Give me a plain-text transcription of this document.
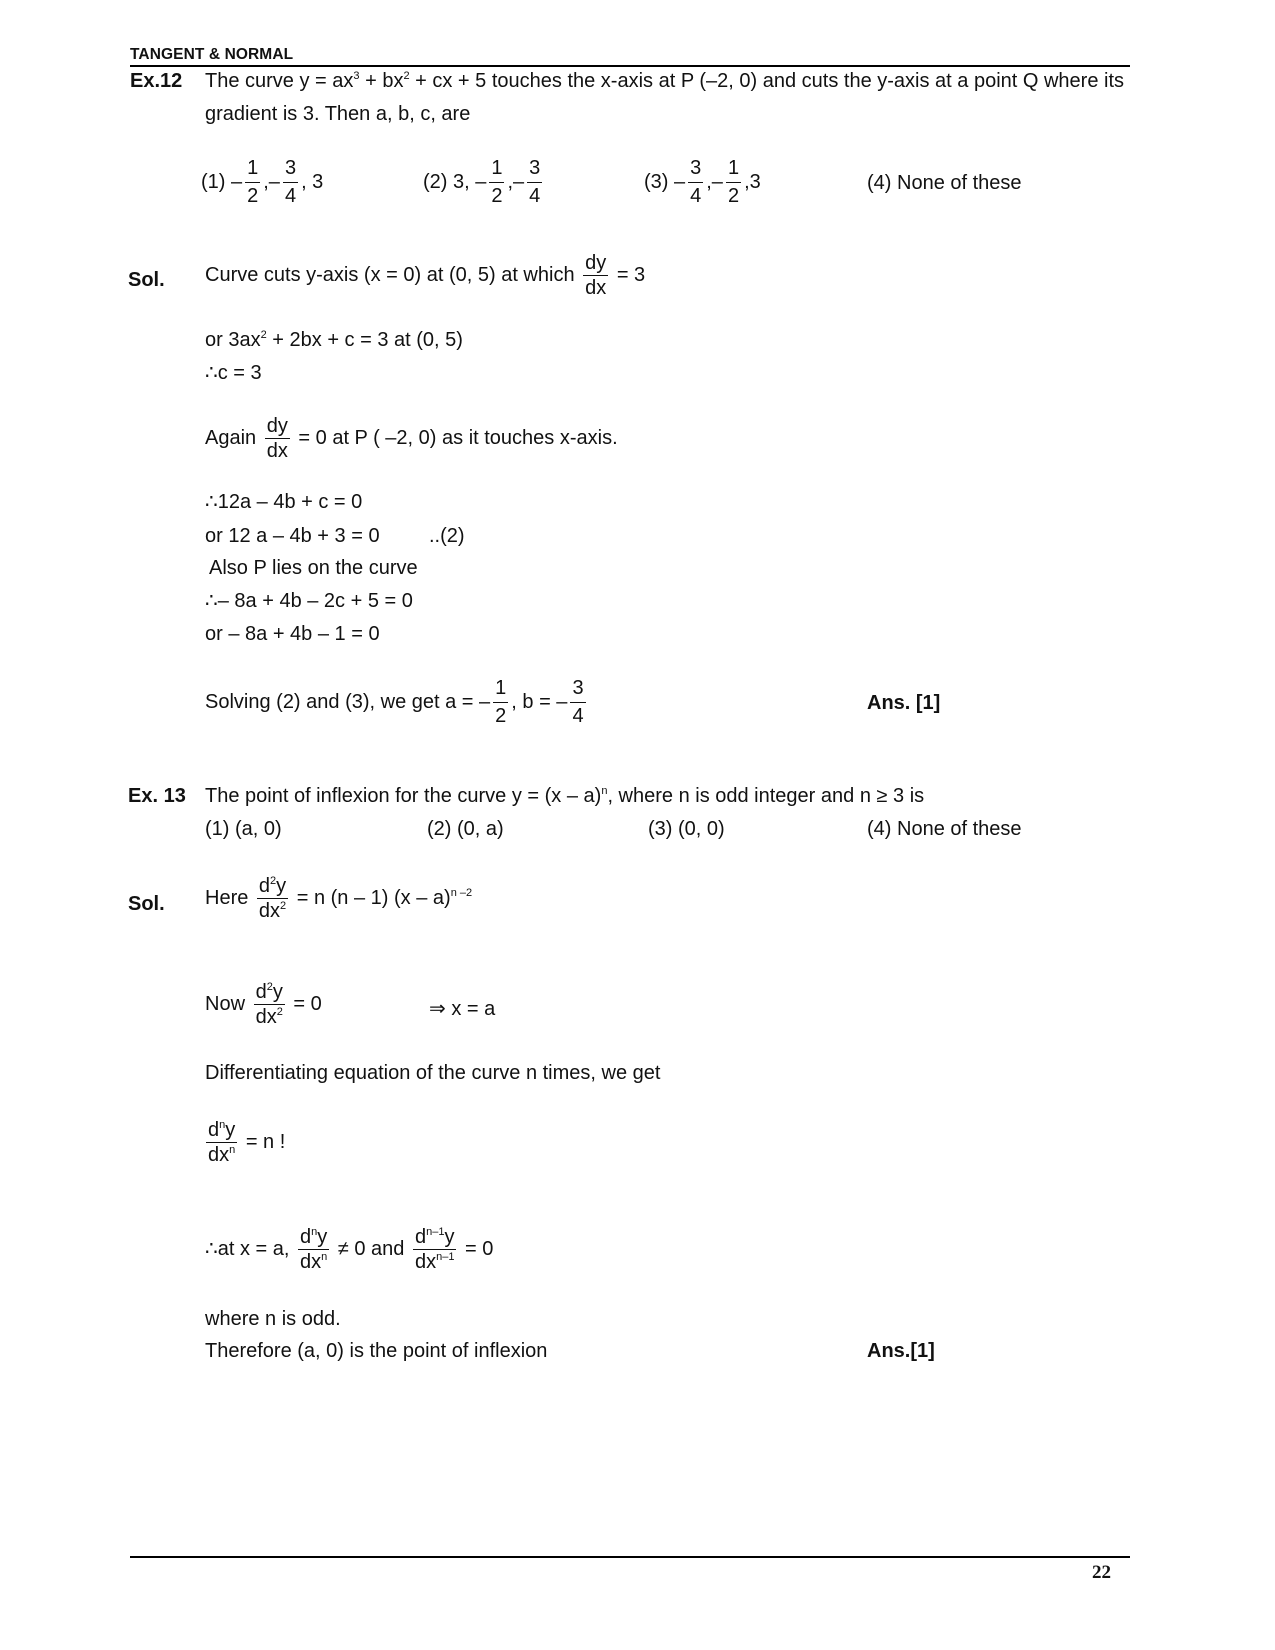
TANGENT & NORMAL
Ex.12 The curve $y = ax^3 + bx^2$ + cx + 5 touches the x-axis at P (–2, 0) and cuts the y-axis at a point Q where its
gradient is 3. Then a, b, c, are
$(1) - \frac{1}{2}$ ,– $\frac{3}{4}$ , 3	(2) 3, – $\frac{1}{2}$ ,– $\frac{3}{4}$	$(3) - \frac{3}{4}$ ,– $\frac{1}{2} ,3$	(4) None of these
Sol. Curve cuts y-axis (x = 0) at (0, 5) at which $\frac{dy}{dx} = 3$
or $3ax^2 + 2bx + c = 3$ at (0, 5)
∴c = 3
Again $\frac{dy}{dx} = 0$ at P ( –2, 0) as it touches x-axis.
∴12a – 4b + c = 0
or 12 a – 4b + 3 = 0 ..(2)
Also P lies on the curve
∴– 8a + 4b – 2c + 5 = 0
or – 8a + 4b – 1 = 0
Solving (2) and (3), we get a = – $\frac{1}{2}$ , b = – $\frac{3}{4}$	Ans. [1]
Ex. 13 The point of inflexion for the curve y = (x – a)$^n$, where n is odd integer and n ≥ 3 is
(1) (a, 0)	(2) (0, a)	(3) (0, 0)	(4) None of these
Sol. Here $\frac{d^2y}{dx^2} = n$ (n – 1) (x – a)$^{n -2}$
Now $\frac{d^2y}{dx^2} = 0$	⇒ x = a
Differentiating equation of the curve n times, we get
$\frac{d^ny}{dx^n} = n$ !
∴at x = a, $\frac{d^ny}{dx^n} \ne 0$ and $\frac{d^{n-1}y}{dx^{n-1}} = 0$
where n is odd.
Therefore (a, 0) is the point of inflexion	Ans.[1]
22
